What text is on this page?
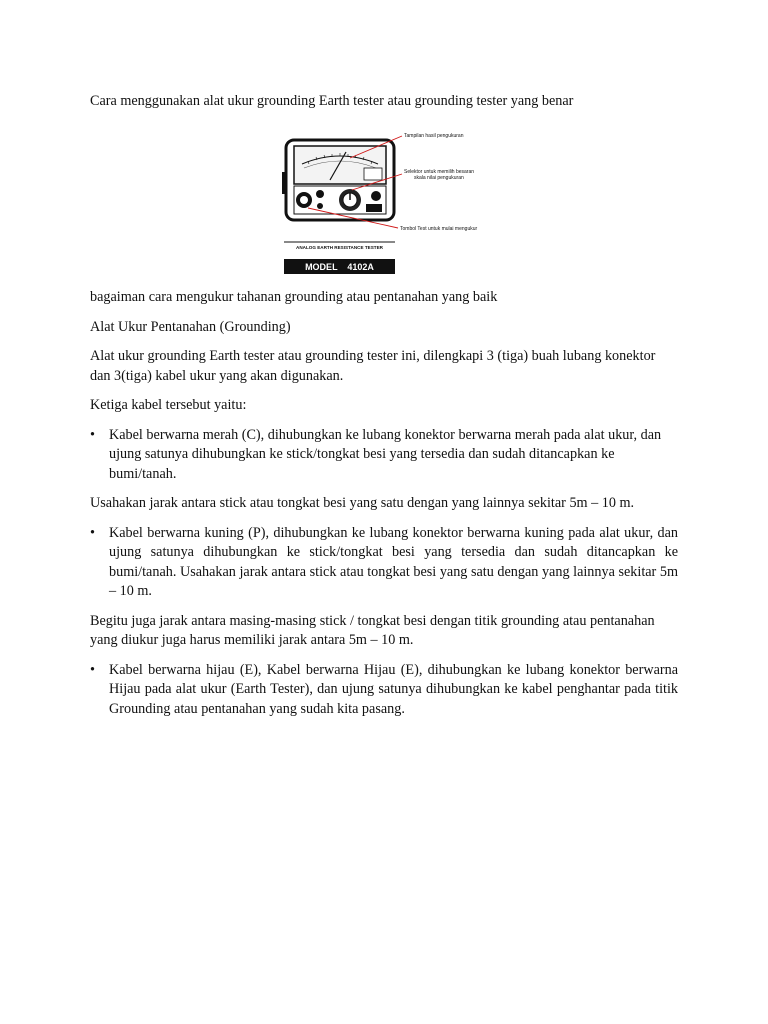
Cara menggunakan alat ukur grounding Earth tester atau grounding tester yang benar
Tampilan hasil pengukuran
Selektor untuk memilih besaran skala nilai pengukuran
Tombol Test untuk mulai mengukur
ANALOG EARTH RESISTANCE TESTER
MODEL    4102A

bagaiman cara mengukur tahanan grounding atau pentanahan yang baik

Alat Ukur Pentanahan (Grounding)

Alat ukur grounding Earth tester atau grounding tester ini, dilengkapi 3 (tiga) buah lubang konektor dan 3(tiga) kabel ukur yang akan digunakan.

Ketiga kabel tersebut yaitu:

• Kabel berwarna merah (C), dihubungkan ke lubang konektor berwarna merah pada alat ukur, dan ujung satunya dihubungkan ke stick/tongkat besi yang tersedia dan sudah ditancapkan ke bumi/tanah.

Usahakan jarak antara stick atau tongkat besi yang satu dengan yang lainnya sekitar 5m – 10 m.

• Kabel berwarna kuning (P), dihubungkan ke lubang konektor berwarna kuning pada alat ukur, dan ujung satunya dihubungkan ke stick/tongkat besi yang tersedia dan sudah ditancapkan ke bumi/tanah. Usahakan jarak antara stick atau tongkat besi yang satu dengan yang lainnya sekitar 5m – 10 m.

Begitu juga jarak antara masing-masing stick / tongkat besi dengan titik grounding atau pentanahan yang diukur juga harus memiliki jarak antara 5m – 10 m.

• Kabel berwarna hijau (E), Kabel berwarna Hijau (E), dihubungkan ke lubang konektor berwarna Hijau pada alat ukur (Earth Tester), dan ujung satunya dihubungkan ke kabel penghantar pada titik Grounding atau pentanahan yang sudah kita pasang.
